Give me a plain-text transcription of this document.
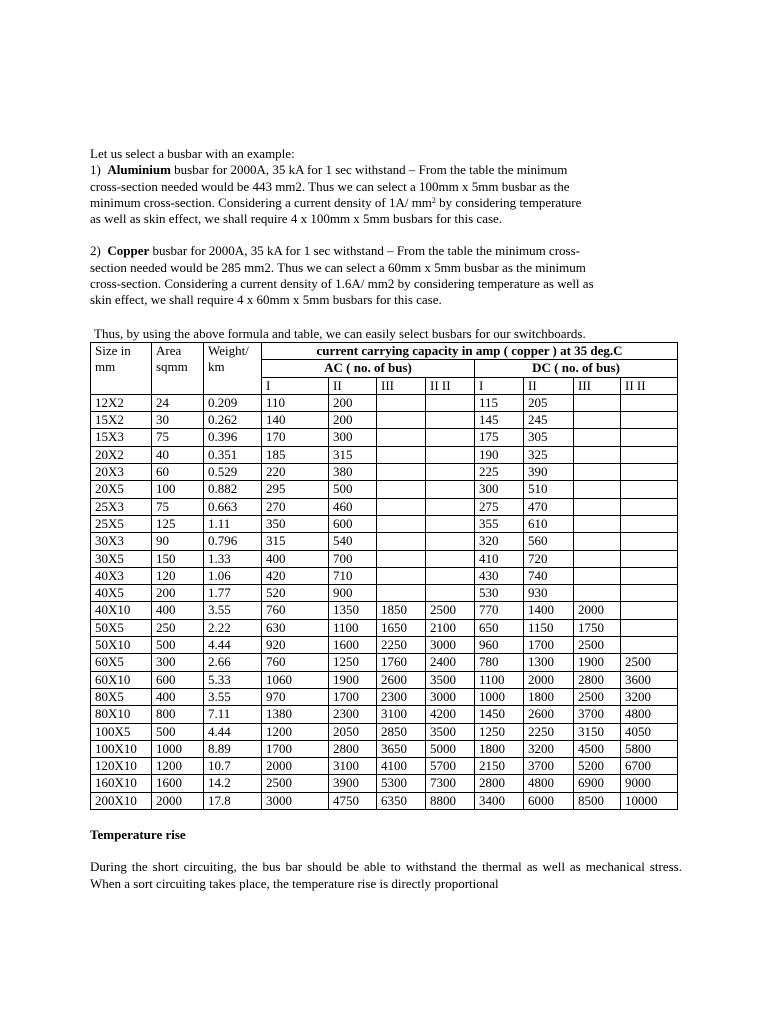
Let us select a busbar with an example:

1)  Aluminium busbar for 2000A, 35 kA for 1 sec withstand – From the table the minimum

cross-section needed would be 443 mm2. Thus we can select a 100mm x 5mm busbar as the

minimum cross-section. Considering a current density of 1A/ $mm^2$ by considering temperature

as well as skin effect, we shall require 4 x 100mm x 5mm busbars for this case.

2)  Copper busbar for 2000A, 35 kA for 1 sec withstand – From the table the minimum cross-

section needed would be 285 mm2. Thus we can select a 60mm x 5mm busbar as the minimum

cross-section. Considering a current density of 1.6A/ mm2 by considering temperature as well as

skin effect, we shall require 4 x 60mm x 5mm busbars for this case.

Thus, by using the above formula and table, we can easily select busbars for our switchboards.

Size in
mm	Area
sqmm	Weight/
km	current carrying capacity in amp ( copper ) at 35 deg.C							
			AC ( no. of bus)				DC ( no. of bus)			
			I	II	III	II II	I	II	III	II II
12X2	24	0.209	110	200			115	205		
15X2	30	0.262	140	200			145	245		
15X3	75	0.396	170	300			175	305		
20X2	40	0.351	185	315			190	325		
20X3	60	0.529	220	380			225	390		
20X5	100	0.882	295	500			300	510		
25X3	75	0.663	270	460			275	470		
25X5	125	1.11	350	600			355	610		
30X3	90	0.796	315	540			320	560		
30X5	150	1.33	400	700			410	720		
40X3	120	1.06	420	710			430	740		
40X5	200	1.77	520	900			530	930		
40X10	400	3.55	760	1350	1850	2500	770	1400	2000	
50X5	250	2.22	630	1100	1650	2100	650	1150	1750	
50X10	500	4.44	920	1600	2250	3000	960	1700	2500	
60X5	300	2.66	760	1250	1760	2400	780	1300	1900	2500
60X10	600	5.33	1060	1900	2600	3500	1100	2000	2800	3600
80X5	400	3.55	970	1700	2300	3000	1000	1800	2500	3200
80X10	800	7.11	1380	2300	3100	4200	1450	2600	3700	4800
100X5	500	4.44	1200	2050	2850	3500	1250	2250	3150	4050
100X10	1000	8.89	1700	2800	3650	5000	1800	3200	4500	5800
120X10	1200	10.7	2000	3100	4100	5700	2150	3700	5200	6700
160X10	1600	14.2	2500	3900	5300	7300	2800	4800	6900	9000
200X10	2000	17.8	3000	4750	6350	8800	3400	6000	8500	10000

Temperature rise

During the short circuiting, the bus bar should be able to withstand the thermal as well as mechanical stress. When a sort circuiting takes place, the temperature rise is directly proportional
